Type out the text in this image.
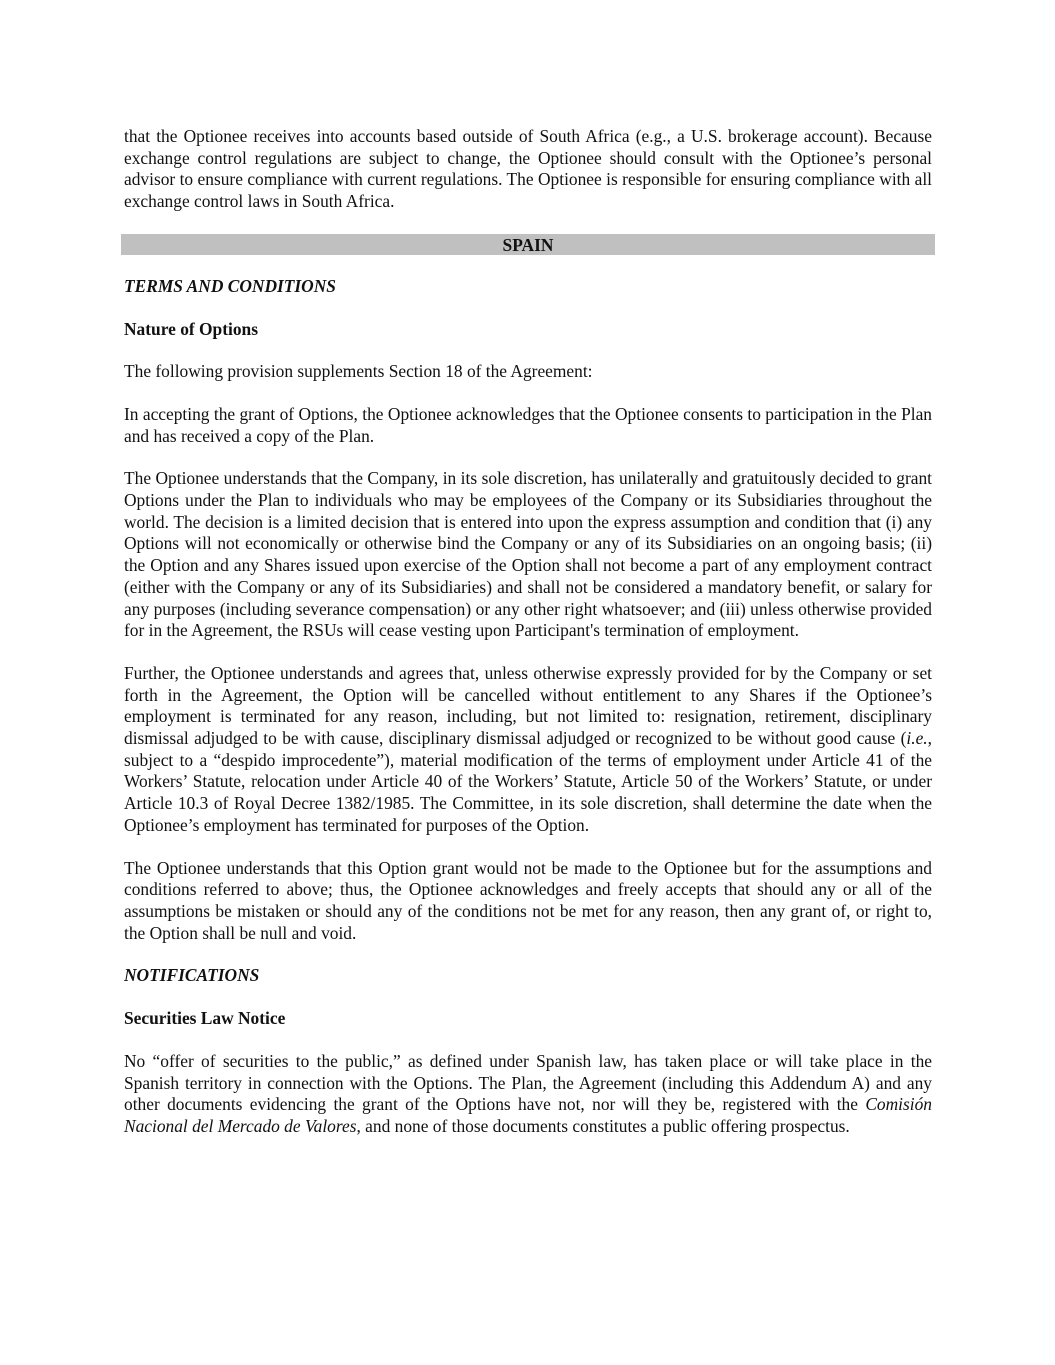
that the Optionee receives into accounts based outside of South Africa (e.g., a U.S. brokerage account). Because exchange control regulations are subject to change, the Optionee should consult with the Optionee’s personal advisor to ensure compliance with current regulations. The Optionee is responsible for ensuring compliance with all exchange control laws in South Africa.

SPAIN
TERMS AND CONDITIONS
Nature of Options

The following provision supplements Section 18 of the Agreement:

In accepting the grant of Options, the Optionee acknowledges that the Optionee consents to participation in the Plan and has received a copy of the Plan.

The Optionee understands that the Company, in its sole discretion, has unilaterally and gratuitously decided to grant Options under the Plan to individuals who may be employees of the Company or its Subsidiaries throughout the world. The decision is a limited decision that is entered into upon the express assumption and condition that (i) any Options will not economically or otherwise bind the Company or any of its Subsidiaries on an ongoing basis; (ii) the Option and any Shares issued upon exercise of the Option shall not become a part of any employment contract (either with the Company or any of its Subsidiaries) and shall not be considered a mandatory benefit, or salary for any purposes (including severance compensation) or any other right whatsoever; and (iii) unless otherwise provided for in the Agreement, the RSUs will cease vesting upon Participant's termination of employment.

Further, the Optionee understands and agrees that, unless otherwise expressly provided for by the Company or set forth in the Agreement, the Option will be cancelled without entitlement to any Shares if the Optionee’s employment is terminated for any reason, including, but not limited to: resignation, retirement, disciplinary dismissal adjudged to be with cause, disciplinary dismissal adjudged or recognized to be without good cause (i.e., subject to a “despido improcedente”), material modification of the terms of employment under Article 41 of the Workers’ Statute, relocation under Article 40 of the Workers’ Statute, Article 50 of the Workers’ Statute, or under Article 10.3 of Royal Decree 1382/1985. The Committee, in its sole discretion, shall determine the date when the Optionee’s employment has terminated for purposes of the Option.

The Optionee understands that this Option grant would not be made to the Optionee but for the assumptions and conditions referred to above; thus, the Optionee acknowledges and freely accepts that should any or all of the assumptions be mistaken or should any of the conditions not be met for any reason, then any grant of, or right to, the Option shall be null and void.

NOTIFICATIONS
Securities Law Notice

No “offer of securities to the public,” as defined under Spanish law, has taken place or will take place in the Spanish territory in connection with the Options. The Plan, the Agreement (including this Addendum A) and any other documents evidencing the grant of the Options have not, nor will they be, registered with the Comisión Nacional del Mercado de Valores, and none of those documents constitutes a public offering prospectus.
